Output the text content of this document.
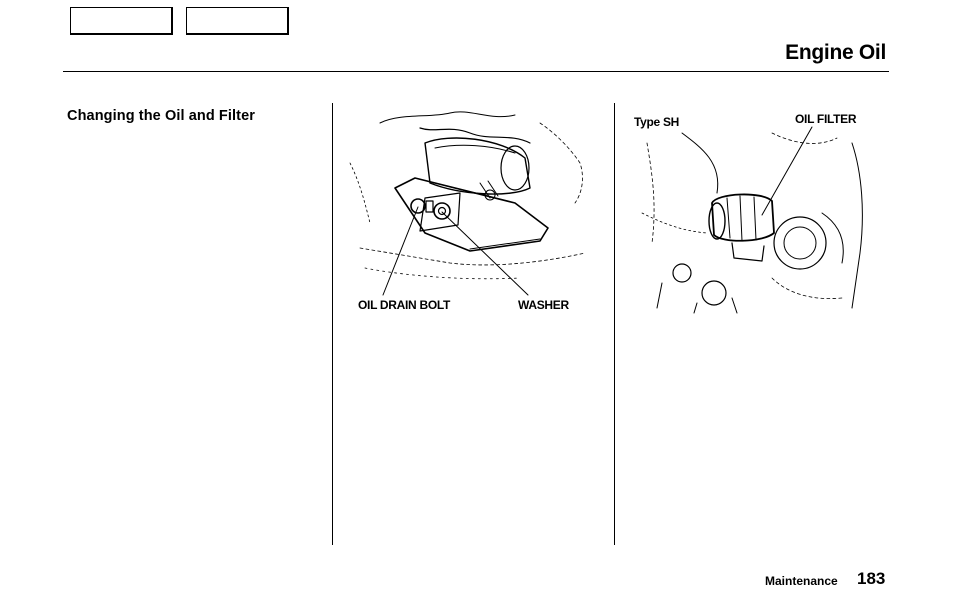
Engine Oil
Changing the Oil and Filter
OIL DRAIN BOLT	WASHER
Type SH	OIL FILTER
Maintenance 183
